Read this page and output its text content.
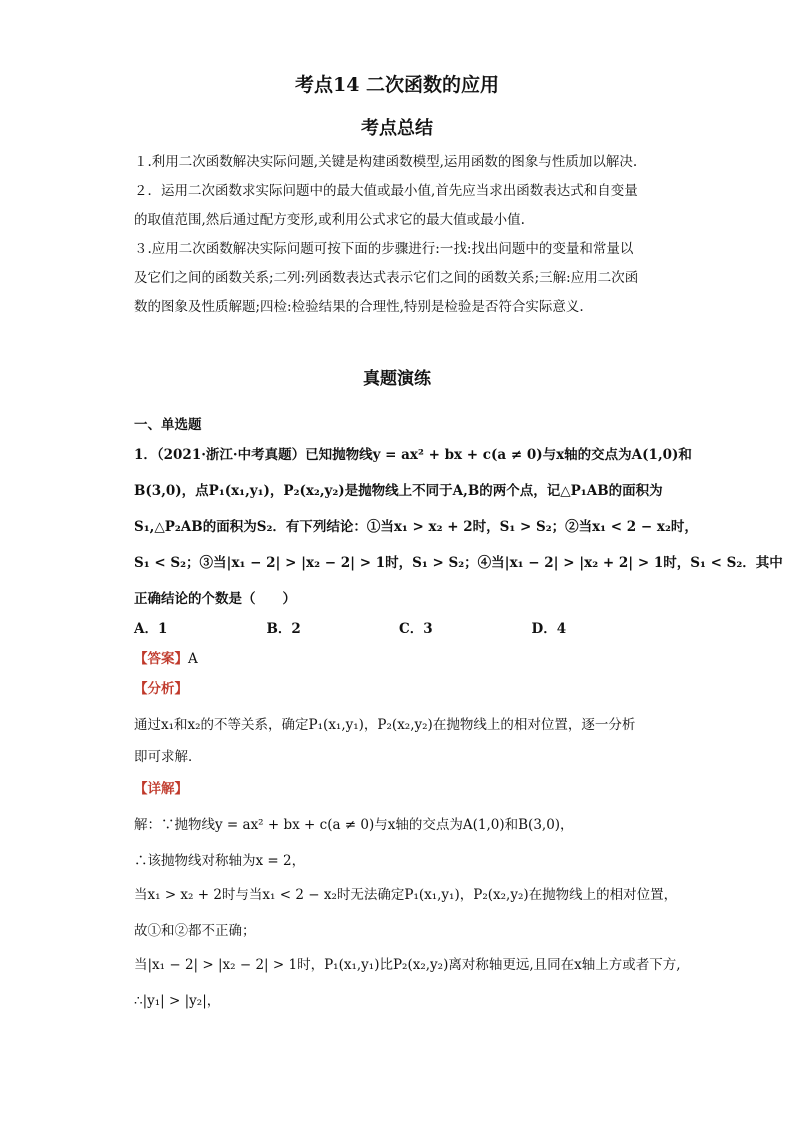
考点14 二次函数的应用
考点总结

１.利用二次函数解决实际问题,关键是构建函数模型,运用函数的图象与性质加以解决.

２．运用二次函数求实际问题中的最大值或最小值,首先应当求出函数表达式和自变量

的取值范围,然后通过配方变形,或利用公式求它的最大值或最小值.

３.应用二次函数解决实际问题可按下面的步骤进行:一找:找出问题中的变量和常量以

及它们之间的函数关系;二列:列函数表达式表示它们之间的函数关系;三解:应用二次函

数的图象及性质解题;四检:检验结果的合理性,特别是检验是否符合实际意义.

真题演练

一、单选题

1．（2021·浙江·中考真题）已知抛物线y = ax² + bx + c(a ≠ 0)与x轴的交点为A(1,0)和

B(3,0)，点P₁(x₁,y₁)，P₂(x₂,y₂)是抛物线上不同于A,B的两个点，记△P₁AB的面积为

S₁,△P₂AB的面积为S₂．有下列结论：①当x₁ > x₂ + 2时，S₁ > S₂；②当x₁ < 2 − x₂时，

S₁ < S₂；③当|x₁ − 2| > |x₂ − 2| > 1时，S₁ > S₂；④当|x₁ − 2| > |x₂ + 2| > 1时，S₁ < S₂．其中

正确结论的个数是（　　）

A．1	B．2	C．3	D．4

【答案】A

【分析】

通过x₁和x₂的不等关系，确定P₁(x₁,y₁)，P₂(x₂,y₂)在抛物线上的相对位置，逐一分析

即可求解．

【详解】

解：∵抛物线y = ax² + bx + c(a ≠ 0)与x轴的交点为A(1,0)和B(3,0)，

∴该抛物线对称轴为x = 2，

当x₁ > x₂ + 2时与当x₁ < 2 − x₂时无法确定P₁(x₁,y₁)，P₂(x₂,y₂)在抛物线上的相对位置，

故①和②都不正确；

当|x₁ − 2| > |x₂ − 2| > 1时，P₁(x₁,y₁)比P₂(x₂,y₂)离对称轴更远,且同在x轴上方或者下方,

∴|y₁| > |y₂|，
